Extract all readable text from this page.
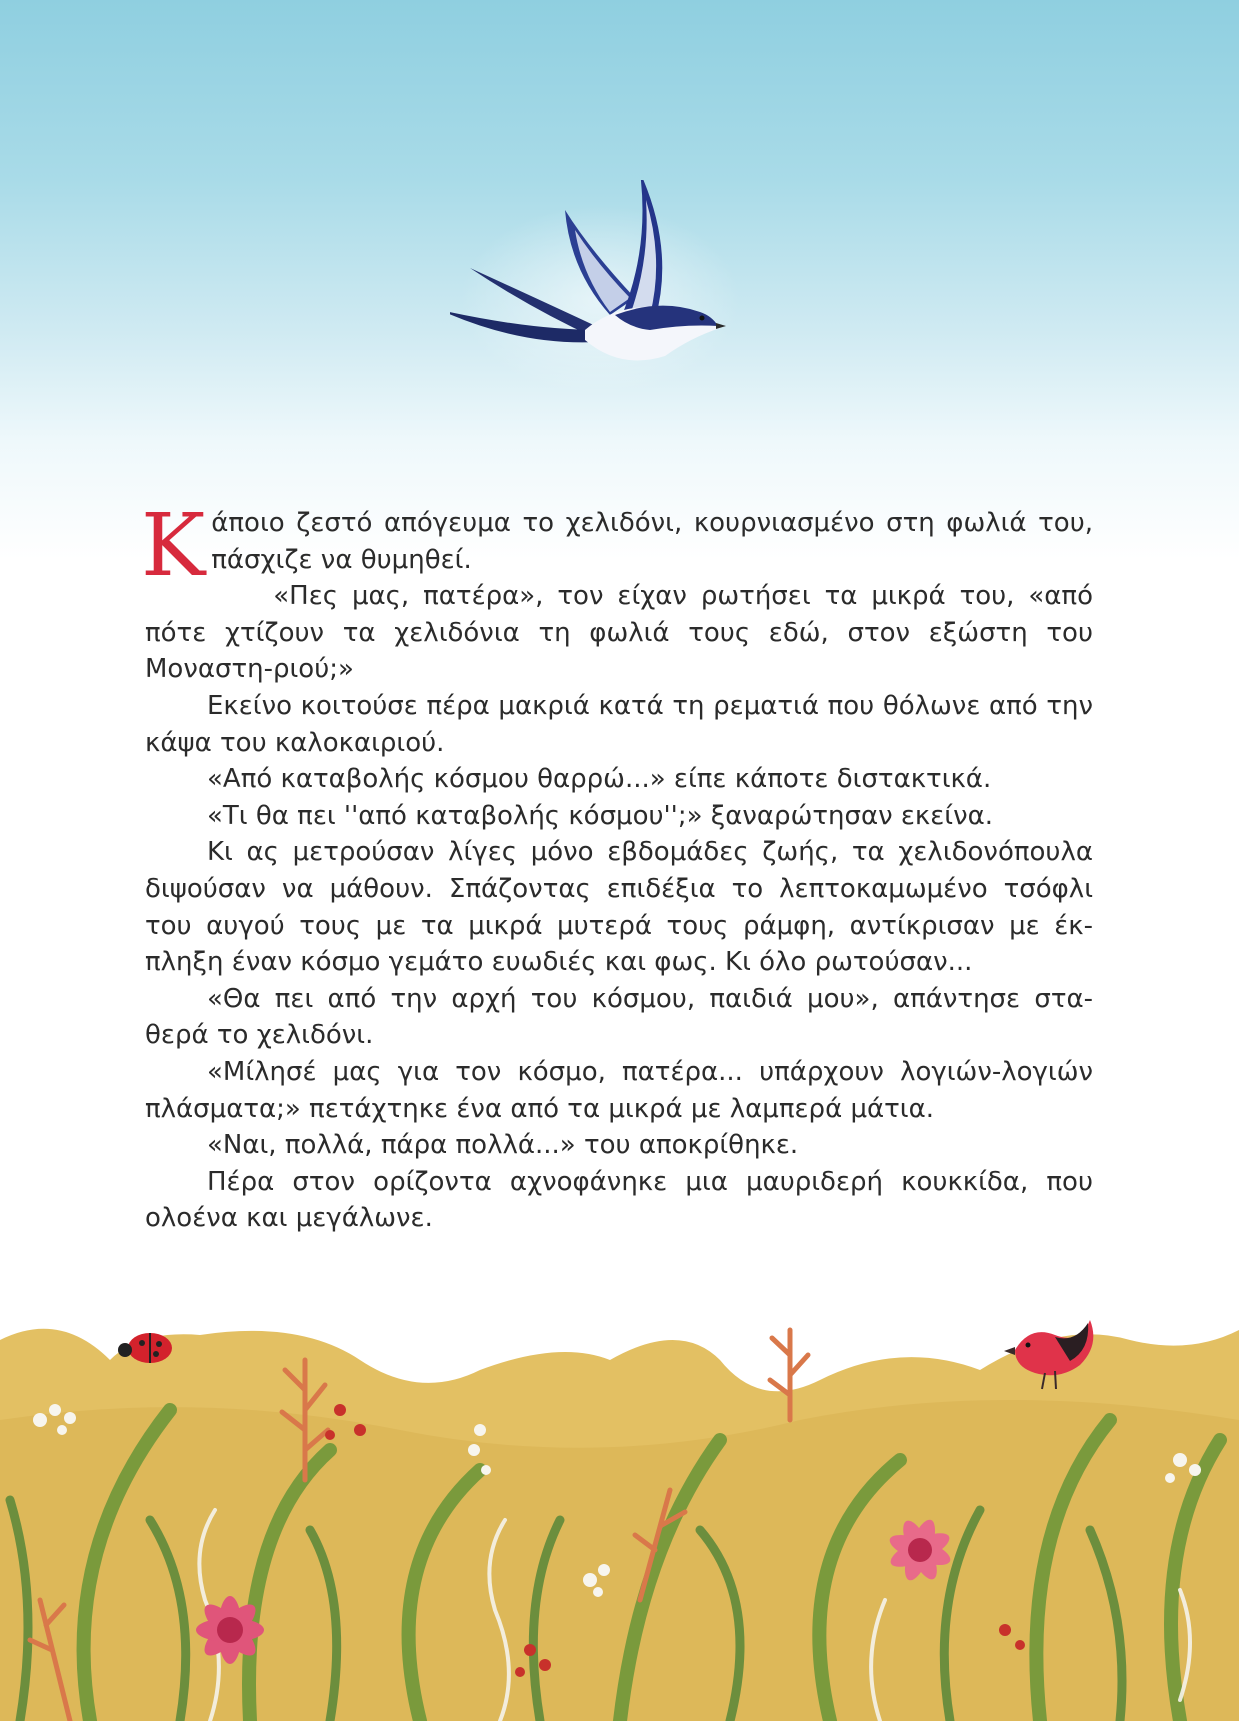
Κάποιο ζεστό απόγευμα το χελιδόνι, κουρνιασμένο στη φωλιά του, πάσχιζε να θυμηθεί.

«Πες μας, πατέρα», τον είχαν ρωτήσει τα μικρά του, «από πότε χτίζουν τα χελιδόνια τη φωλιά τους εδώ, στον εξώστη του Μοναστη-ριού;»

Εκείνο κοιτούσε πέρα μακριά κατά τη ρεματιά που θόλωνε από την κάψα του καλοκαιριού.

«Από καταβολής κόσμου θαρρώ...» είπε κάποτε διστακτικά.

«Τι θα πει ''από καταβολής κόσμου'';» ξαναρώτησαν εκείνα.

Κι ας μετρούσαν λίγες μόνο εβδομάδες ζωής, τα χελιδονόπουλα διψούσαν να μάθουν. Σπάζοντας επιδέξια το λεπτοκαμωμένο τσόφλι του αυγού τους με τα μικρά μυτερά τους ράμφη, αντίκρισαν με έκ-πληξη έναν κόσμο γεμάτο ευωδιές και φως. Κι όλο ρωτούσαν...

«Θα πει από την αρχή του κόσμου, παιδιά μου», απάντησε στα-θερά το χελιδόνι.

«Μίλησέ μας για τον κόσμο, πατέρα... υπάρχουν λογιών-λογιών πλάσματα;» πετάχτηκε ένα από τα μικρά με λαμπερά μάτια.

«Ναι, πολλά, πάρα πολλά...» του αποκρίθηκε.

Πέρα στον ορίζοντα αχνοφάνηκε μια μαυριδερή κουκκίδα, που ολοένα και μεγάλωνε.
